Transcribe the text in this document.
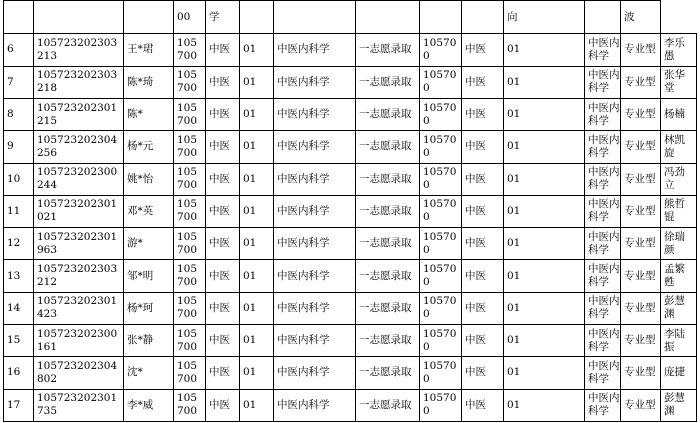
			00	学						向		波	
6	105723202303213	王*珺	105700	中医	01	中医内科学	一志愿录取	105700	中医	01	中医内科学	专业型	李乐愚

7	105723202303218	陈*琦	105700	中医	01	中医内科学	一志愿录取	105700	中医	01	中医内科学	专业型	张华堂

8	105723202301215	陈*	105700	中医	01	中医内科学	一志愿录取	105700	中医	01	中医内科学	专业型	杨楠

9	105723202304256	杨*元	105700	中医	01	中医内科学	一志愿录取	105700	中医	01	中医内科学	专业型	林凯旋

10	105723202300244	姚*怡	105700	中医	01	中医内科学	一志愿录取	105700	中医	01	中医内科学	专业型	冯劲立

11	105723202301021	邓*英	105700	中医	01	中医内科学	一志愿录取	105700	中医	01	中医内科学	专业型	熊哲锟

12	105723202301963	游*	105700	中医	01	中医内科学	一志愿录取	105700	中医	01	中医内科学	专业型	徐瑞颜

13	105723202303212	邹*明	105700	中医	01	中医内科学	一志愿录取	105700	中医	01	中医内科学	专业型	孟繁甦

14	105723202301423	杨*珂	105700	中医	01	中医内科学	一志愿录取	105700	中医	01	中医内科学	专业型	彭慧渊

15	105723202300161	张*静	105700	中医	01	中医内科学	一志愿录取	105700	中医	01	中医内科学	专业型	李陆振

16	105723202304802	沈*	105700	中医	01	中医内科学	一志愿录取	105700	中医	01	中医内科学	专业型	庞捷

17	105723202301735	李*威	105700	中医	01	中医内科学	一志愿录取	105700	中医	01	中医内科学	专业型	彭慧渊
